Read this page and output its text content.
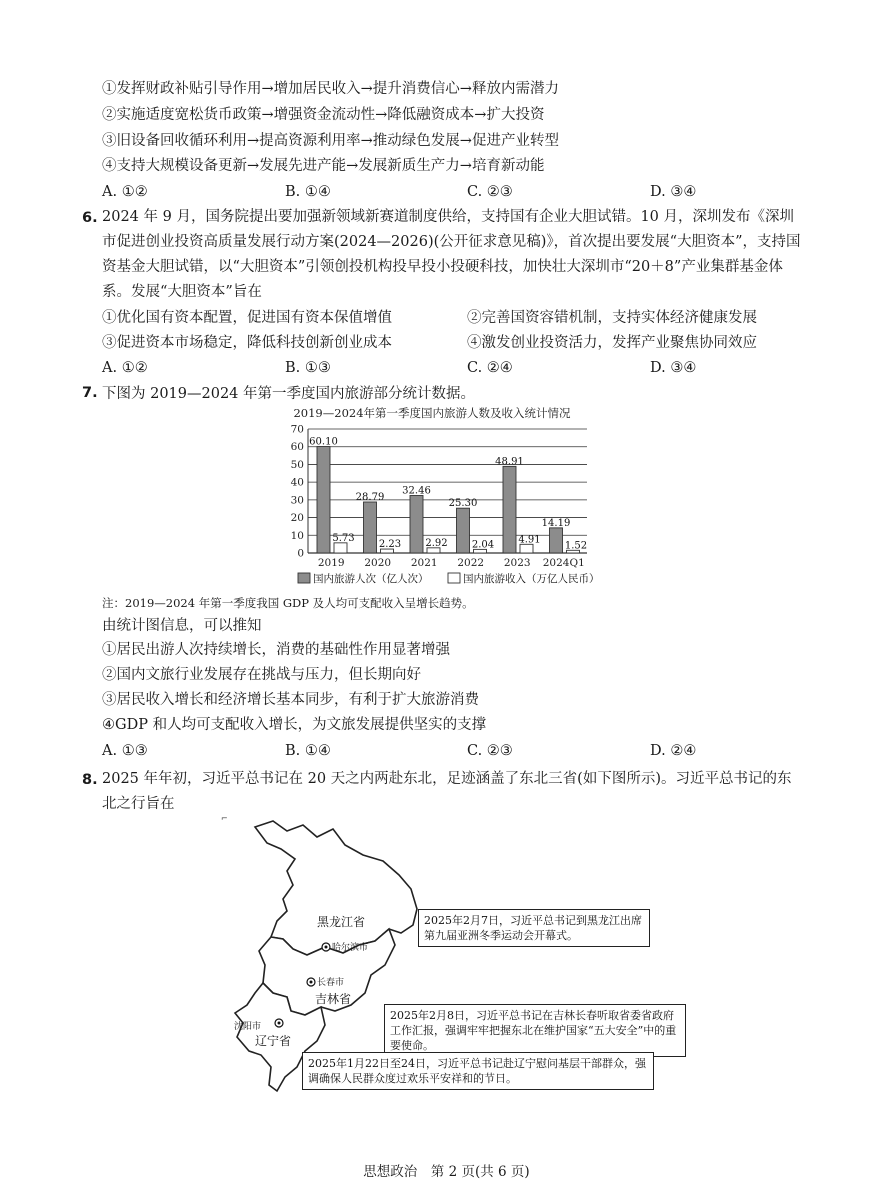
①发挥财政补贴引导作用→增加居民收入→提升消费信心→释放内需潜力
②实施适度宽松货币政策→增强资金流动性→降低融资成本→扩大投资
③旧设备回收循环利用→提高资源利用率→推动绿色发展→促进产业转型
④支持大规模设备更新→发展先进产能→发展新质生产力→培育新动能
A. ①②	B. ①④	C. ②③	D. ③④
6. 2024 年 9 月，国务院提出要加强新领域新赛道制度供给，支持国有企业大胆试错。10 月，深圳发布《深圳市促进创业投资高质量发展行动方案(2024—2026)(公开征求意见稿)》，首次提出要发展“大胆资本”，支持国资基金大胆试错，以“大胆资本”引领创投机构投早投小投硬科技，加快壮大深圳市“20＋8”产业集群基金体系。发展“大胆资本”旨在
①优化国有资本配置，促进国有资本保值增值	②完善国资容错机制，支持实体经济健康发展
③促进资本市场稳定，降低科技创新创业成本	④激发创业投资活力，发挥产业聚焦协同效应
A. ①②	B. ①③	C. ②④	D. ③④
7. 下图为 2019—2024 年第一季度国内旅游部分统计数据。
2019—2024年第一季度国内旅游人数及收入统计情况
0
10
20
30
40
50
60
70
60.10
5.73
28.79
2.23
32.46
2.92
25.30
2.04
48.91
4.91
14.19
1.52
2019 2020 2021 2022 2023 2024Q1
国内旅游人次（亿人次）	国内旅游收入（万亿人民币）
注：2019—2024 年第一季度我国 GDP 及人均可支配收入呈增长趋势。
由统计图信息，可以推知
①居民出游人次持续增长，消费的基础性作用显著增强
②国内文旅行业发展存在挑战与压力，但长期向好
③居民收入增长和经济增长基本同步，有利于扩大旅游消费
④GDP 和人均可支配收入增长，为文旅发展提供坚实的支撑
A. ①③	B. ①④	C. ②③	D. ②④
8. 2025 年年初，习近平总书记在 20 天之内两赴东北，足迹涵盖了东北三省(如下图所示)。习近平总书记的东北之行旨在
⌐
黑龙江省
哈尔滨市
长春市
吉林省
沈阳市
辽宁省
2025年2月7日，习近平总书记到黑龙江出席第九届亚洲冬季运动会开幕式。
2025年2月8日，习近平总书记在吉林长春听取省委省政府工作汇报，强调牢牢把握东北在维护国家“五大安全”中的重要使命。
2025年1月22日至24日，习近平总书记赴辽宁慰问基层干部群众，强调确保人民群众度过欢乐平安祥和的节日。
思想政治　第 2 页(共 6 页)
